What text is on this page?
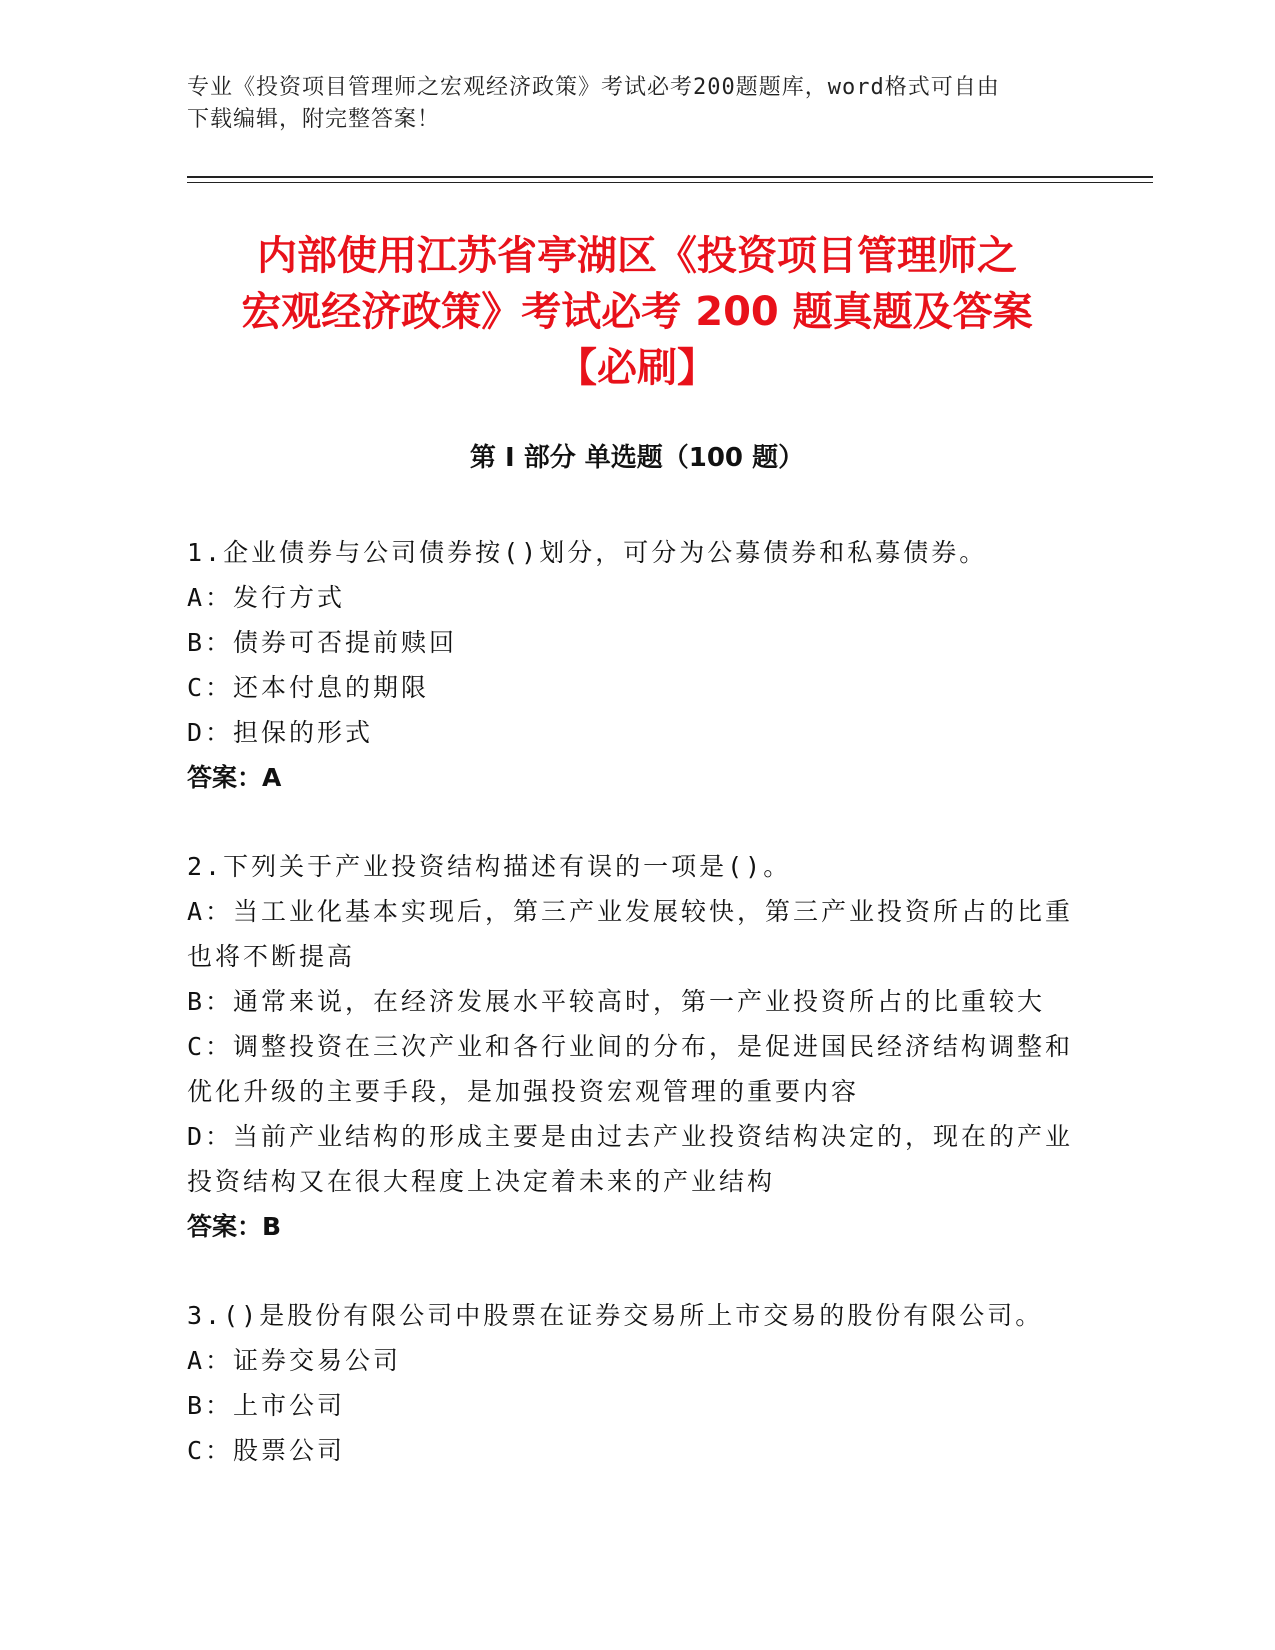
专业《投资项目管理师之宏观经济政策》考试必考200题题库，word格式可自由
下载编辑，附完整答案！
内部使用江苏省亭湖区《投资项目管理师之
宏观经济政策》考试必考 200 题真题及答案
【必刷】
第 I 部分 单选题（100 题）
1.企业债券与公司债券按()划分，可分为公募债券和私募债券。
A：发行方式
B：债券可否提前赎回
C：还本付息的期限
D：担保的形式
答案：A
2.下列关于产业投资结构描述有误的一项是()。
A：当工业化基本实现后，第三产业发展较快，第三产业投资所占的比重也将不断提高
B：通常来说，在经济发展水平较高时，第一产业投资所占的比重较大
C：调整投资在三次产业和各行业间的分布，是促进国民经济结构调整和优化升级的主要手段，是加强投资宏观管理的重要内容
D：当前产业结构的形成主要是由过去产业投资结构决定的，现在的产业投资结构又在很大程度上决定着未来的产业结构
答案：B
3.()是股份有限公司中股票在证券交易所上市交易的股份有限公司。
A：证券交易公司
B：上市公司
C：股票公司
